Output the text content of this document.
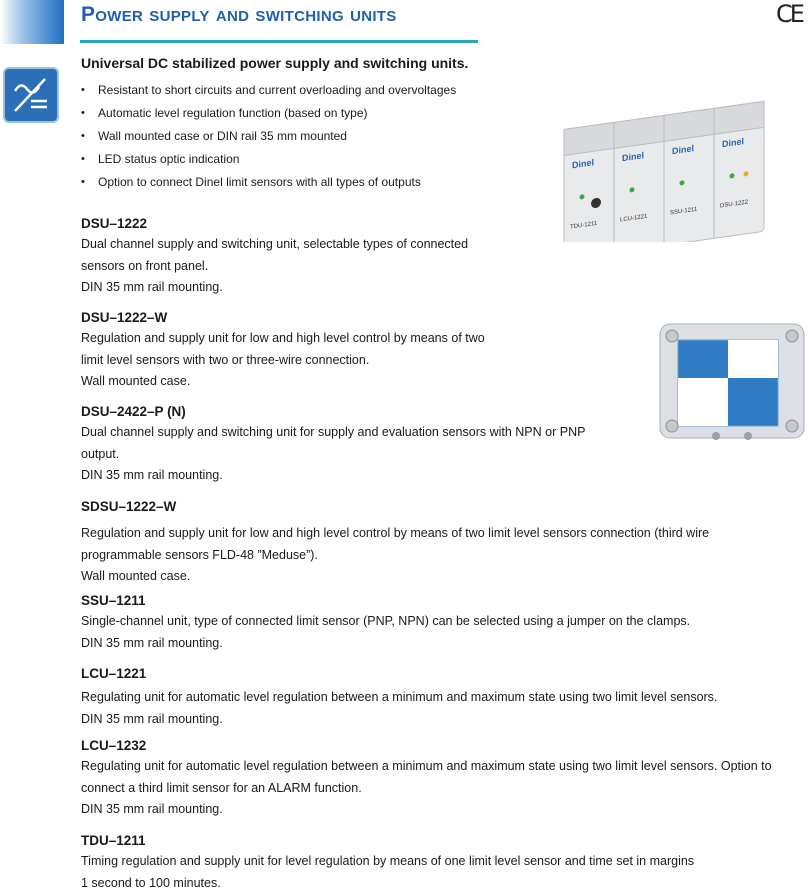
Power supply and switching units	CE
Universal DC stabilized power supply and switching units.
• Resistant to short circuits and current overloading and overvoltages
• Automatic level regulation function (based on type)
• Wall mounted case or DIN rail 35 mm mounted
• LED status optic indication
• Option to connect Dinel limit sensors with all types of outputs
DSU–1222
Dual channel supply and switching unit, selectable types of connected
sensors on front panel.
DIN 35 mm rail mounting.
DSU–1222–W
Regulation and supply unit for low and high level control by means of two
limit level sensors with two or three-wire connection.
Wall mounted case.
DSU–2422–P (N)
Dual channel supply and switching unit for supply and evaluation sensors with NPN or PNP
output.
DIN 35 mm rail mounting.
SDSU–1222–W
Regulation and supply unit for low and high level control by means of two limit level sensors connection (third wire
programmable sensors FLD-48 ”Meduse”).
Wall mounted case.
SSU–1211
Single-channel unit, type of connected limit sensor (PNP, NPN) can be selected using a jumper on the clamps.
DIN 35 mm rail mounting.
LCU–1221
Regulating unit for automatic level regulation between a minimum and maximum state using two limit level sensors.
DIN 35 mm rail mounting.
LCU–1232
Regulating unit for automatic level regulation between a minimum and maximum state using two limit level sensors. Option to
connect a third limit sensor for an ALARM function.
DIN 35 mm rail mounting.
TDU–1211
Timing regulation and supply unit for level regulation by means of one limit level sensor and time set in margins
1 second to 100 minutes.
Dinel
Dinel
Dinel
Dinel
TDU-1211
LCU-1221
SSU-1211
DSU-1222
